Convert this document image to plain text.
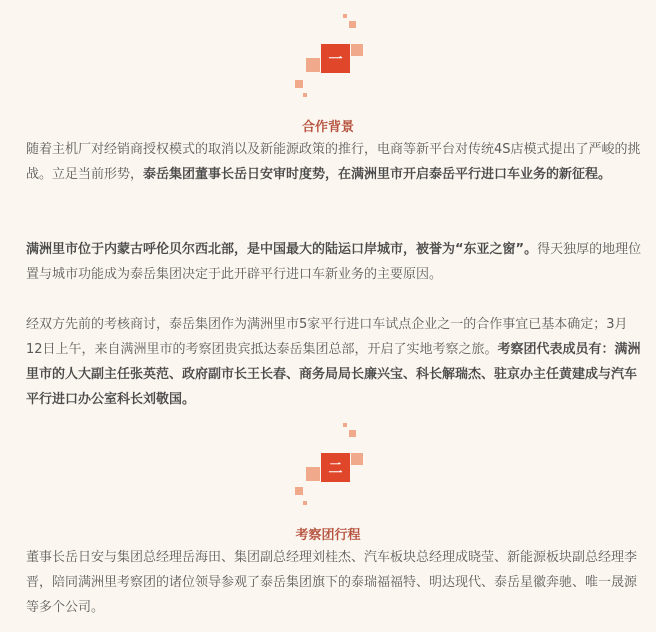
一
合作背景

随着主机厂对经销商授权模式的取消以及新能源政策的推行，电商等新平台对传统4S店模式提出了严峻的挑战。立足当前形势，泰岳集团董事长岳日安审时度势，在满洲里市开启泰岳平行进口车业务的新征程。

满洲里市位于内蒙古呼伦贝尔西北部，是中国最大的陆运口岸城市，被誉为“东亚之窗”。得天独厚的地理位置与城市功能成为泰岳集团决定于此开辟平行进口车新业务的主要原因。

经双方先前的考核商讨，泰岳集团作为满洲里市5家平行进口车试点企业之一的合作事宜已基本确定；3月12日上午，来自满洲里市的考察团贵宾抵达泰岳集团总部，开启了实地考察之旅。考察团代表成员有：满洲里市的人大副主任张英范、政府副市长王长春、商务局局长廉兴宝、科长解瑞杰、驻京办主任黄建成与汽车平行进口办公室科长刘敬国。

二
考察团行程

董事长岳日安与集团总经理岳海田、集团副总经理刘桂杰、汽车板块总经理成晓莹、新能源板块副总经理李晋，陪同满洲里考察团的诸位领导参观了泰岳集团旗下的泰瑞福福特、明达现代、泰岳星徽奔驰、唯一晟源等多个公司。
